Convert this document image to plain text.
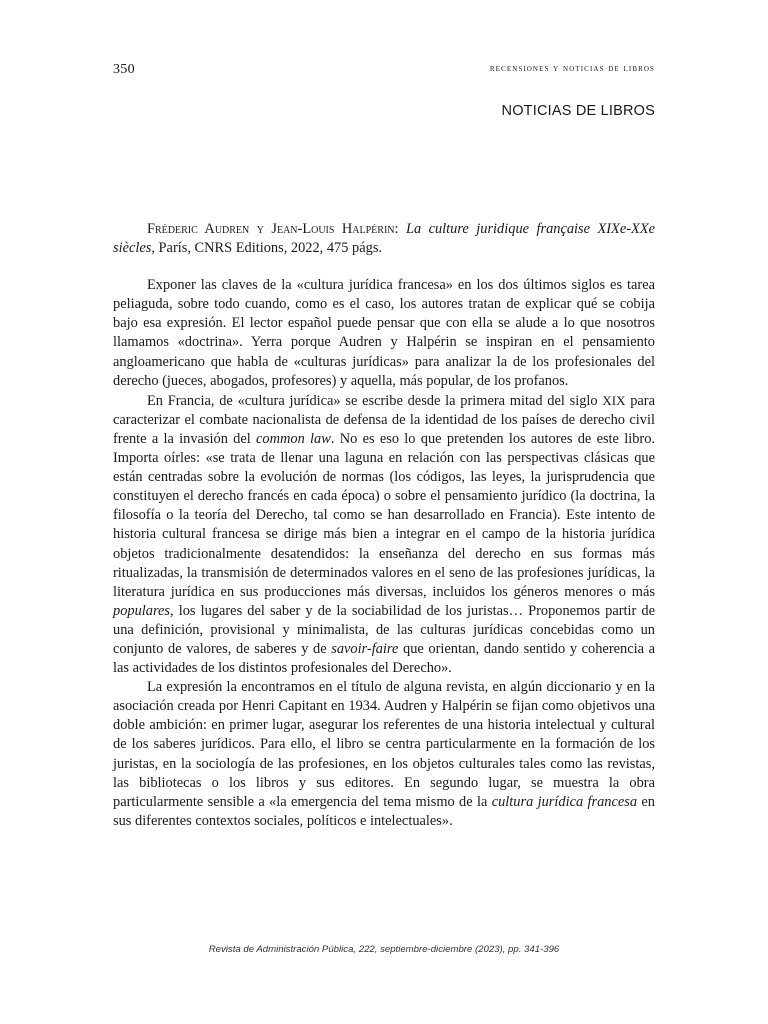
350	recensiones y noticias de libros
NOTICIAS DE LIBROS

Fréderic Audren y Jean-Louis Halpérin: La culture juridique française XIXe-XXe siècles, París, CNRS Editions, 2022, 475 págs.

Exponer las claves de la «cultura jurídica francesa» en los dos últimos siglos es tarea peliaguda, sobre todo cuando, como es el caso, los autores tratan de explicar qué se cobija bajo esa expresión. El lector español puede pensar que con ella se alude a lo que nosotros llamamos «doctrina». Yerra porque Audren y Halpérin se inspiran en el pensamiento angloamericano que habla de «culturas jurídicas» para analizar la de los profesionales del derecho (jueces, abogados, profesores) y aquella, más popular, de los profanos.

En Francia, de «cultura jurídica» se escribe desde la primera mitad del siglo XIX para caracterizar el combate nacionalista de defensa de la identidad de los países de derecho civil frente a la invasión del common law. No es eso lo que pretenden los autores de este libro. Importa oírles: «se trata de llenar una laguna en relación con las perspectivas clásicas que están centradas sobre la evolución de normas (los códigos, las leyes, la jurisprudencia que constituyen el derecho francés en cada época) o sobre el pensamiento jurídico (la doctrina, la filosofía o la teoría del Derecho, tal como se han desarrollado en Francia). Este intento de historia cultural francesa se dirige más bien a integrar en el campo de la historia jurídica objetos tradicionalmente desatendidos: la enseñanza del derecho en sus formas más ritualizadas, la transmisión de determinados valores en el seno de las profesiones jurídicas, la literatura jurídica en sus producciones más diversas, incluidos los géneros menores o más populares, los lugares del saber y de la sociabilidad de los juristas… Proponemos partir de una definición, provisional y minimalista, de las culturas jurídicas concebidas como un conjunto de valores, de saberes y de savoir-faire que orientan, dando sentido y coherencia a las actividades de los distintos profesionales del Derecho».

La expresión la encontramos en el título de alguna revista, en algún diccionario y en la asociación creada por Henri Capitant en 1934. Audren y Halpérin se fijan como objetivos una doble ambición: en primer lugar, asegurar los referentes de una historia intelectual y cultural de los saberes jurídicos. Para ello, el libro se centra particularmente en la formación de los juristas, en la sociología de las profesiones, en los objetos culturales tales como las revistas, las bibliotecas o los libros y sus editores. En segundo lugar, se muestra la obra particularmente sensible a «la emergencia del tema mismo de la cultura jurídica francesa en sus diferentes contextos sociales, políticos e intelectuales».

Revista de Administración Pública, 222, septiembre-diciembre (2023), pp. 341-396
